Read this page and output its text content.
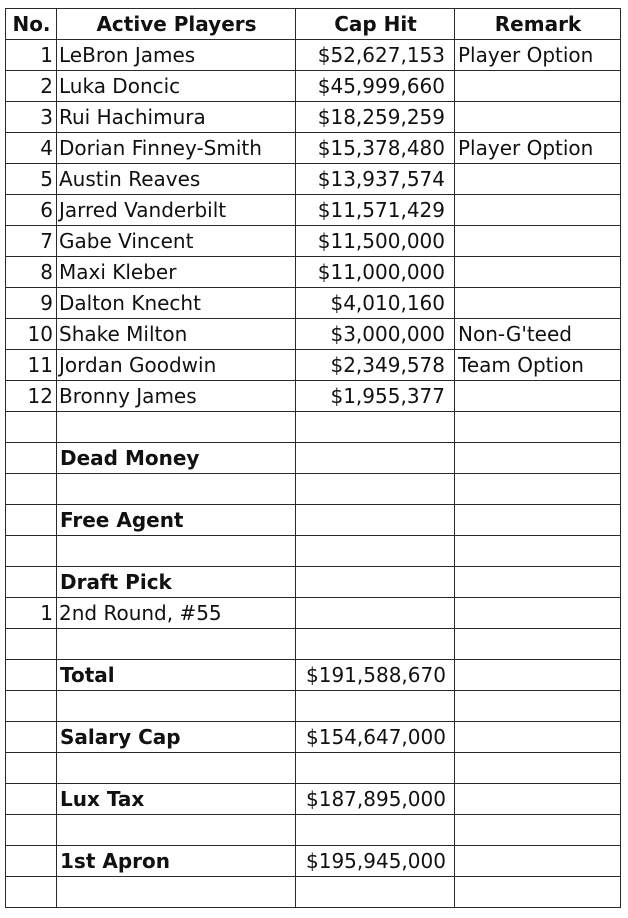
No.	Active Players	Cap Hit	Remark
1	LeBron James	$52,627,153	Player Option
2	Luka Doncic	$45,999,660	
3	Rui Hachimura	$18,259,259	
4	Dorian Finney-Smith	$15,378,480	Player Option
5	Austin Reaves	$13,937,574	
6	Jarred Vanderbilt	$11,571,429	
7	Gabe Vincent	$11,500,000	
8	Maxi Kleber	$11,000,000	
9	Dalton Knecht	$4,010,160	
10	Shake Milton	$3,000,000	Non-G'teed
11	Jordan Goodwin	$2,349,578	Team Option
12	Bronny James	$1,955,377	

	Dead Money		

	Free Agent		

	Draft Pick		
1	2nd Round, #55		

	Total	$191,588,670	

	Salary Cap	$154,647,000	

	Lux Tax	$187,895,000	

	1st Apron	$195,945,000	
